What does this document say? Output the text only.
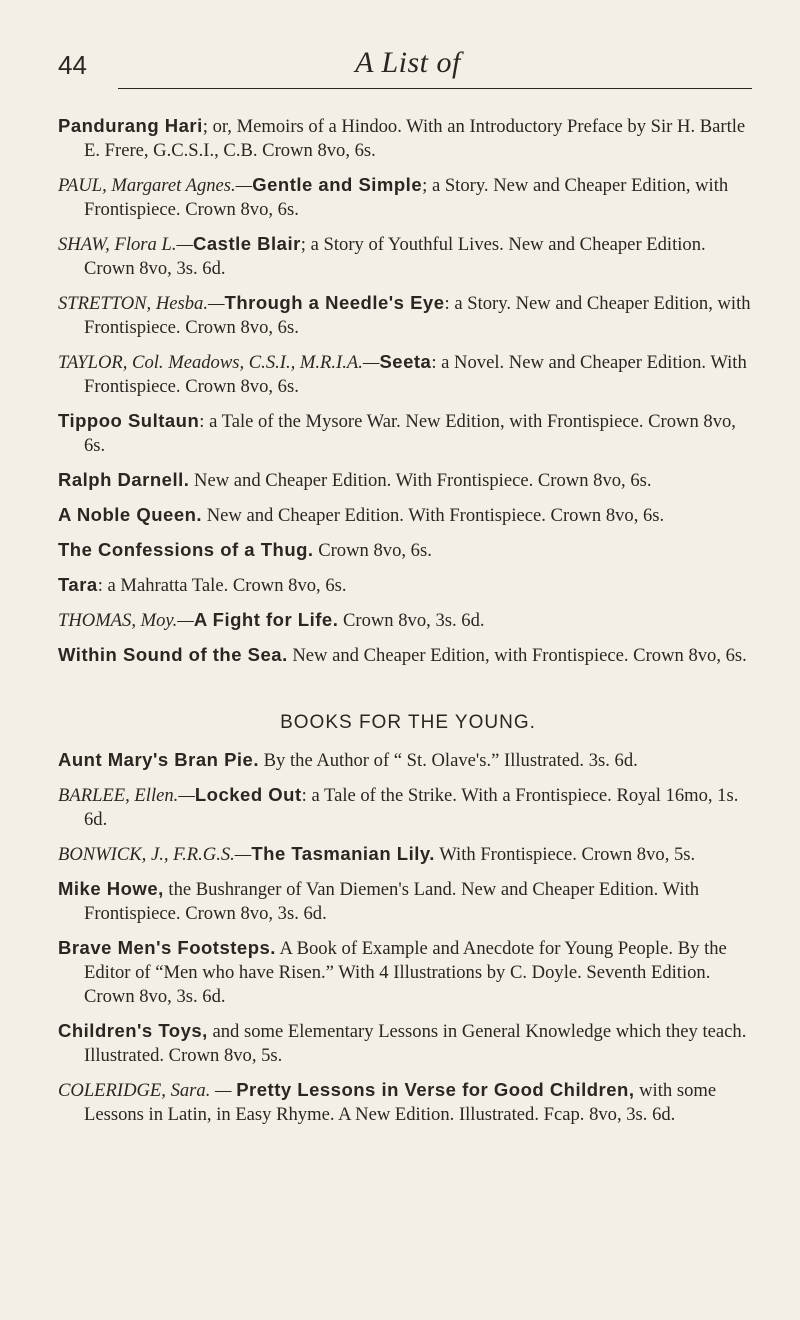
44	A List of

Pandurang Hari; or, Memoirs of a Hindoo. With an Introductory Preface by Sir H. Bartle E. Frere, G.C.S.I., C.B. Crown 8vo, 6s.

PAUL, Margaret Agnes.—Gentle and Simple; a Story. New and Cheaper Edition, with Frontispiece. Crown 8vo, 6s.

SHAW, Flora L.—Castle Blair; a Story of Youthful Lives. New and Cheaper Edition. Crown 8vo, 3s. 6d.

STRETTON, Hesba.—Through a Needle's Eye: a Story. New and Cheaper Edition, with Frontispiece. Crown 8vo, 6s.

TAYLOR, Col. Meadows, C.S.I., M.R.I.A.—Seeta: a Novel. New and Cheaper Edition. With Frontispiece. Crown 8vo, 6s.

Tippoo Sultaun: a Tale of the Mysore War. New Edition, with Frontispiece. Crown 8vo, 6s.

Ralph Darnell. New and Cheaper Edition. With Frontispiece. Crown 8vo, 6s.

A Noble Queen. New and Cheaper Edition. With Frontispiece. Crown 8vo, 6s.

The Confessions of a Thug. Crown 8vo, 6s.

Tara: a Mahratta Tale. Crown 8vo, 6s.

THOMAS, Moy.—A Fight for Life. Crown 8vo, 3s. 6d.

Within Sound of the Sea. New and Cheaper Edition, with Frontispiece. Crown 8vo, 6s.

BOOKS FOR THE YOUNG.

Aunt Mary's Bran Pie. By the Author of “ St. Olave's.” Illustrated. 3s. 6d.

BARLEE, Ellen.—Locked Out: a Tale of the Strike. With a Frontispiece. Royal 16mo, 1s. 6d.

BONWICK, J., F.R.G.S.—The Tasmanian Lily. With Frontispiece. Crown 8vo, 5s.

Mike Howe, the Bushranger of Van Diemen's Land. New and Cheaper Edition. With Frontispiece. Crown 8vo, 3s. 6d.

Brave Men's Footsteps. A Book of Example and Anecdote for Young People. By the Editor of “Men who have Risen.” With 4 Illustrations by C. Doyle. Seventh Edition. Crown 8vo, 3s. 6d.

Children's Toys, and some Elementary Lessons in General Knowledge which they teach. Illustrated. Crown 8vo, 5s.

COLERIDGE, Sara. — Pretty Lessons in Verse for Good Children, with some Lessons in Latin, in Easy Rhyme. A New Edition. Illustrated. Fcap. 8vo, 3s. 6d.
